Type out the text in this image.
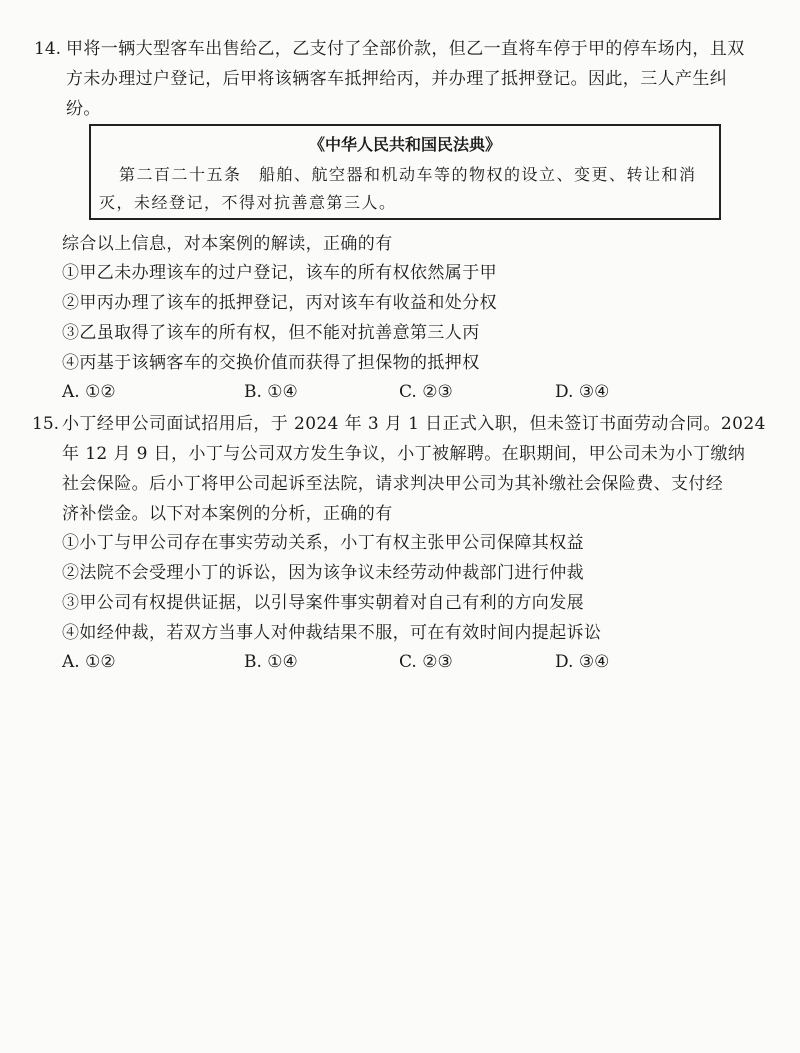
14. 甲将一辆大型客车出售给乙，乙支付了全部价款，但乙一直将车停于甲的停车场内，且双
方未办理过户登记，后甲将该辆客车抵押给丙，并办理了抵押登记。因此，三人产生纠
纷。
《中华人民共和国民法典》
第二百二十五条　船舶、航空器和机动车等的物权的设立、变更、转让和消
灭，未经登记，不得对抗善意第三人。
综合以上信息，对本案例的解读，正确的有
①甲乙未办理该车的过户登记，该车的所有权依然属于甲
②甲丙办理了该车的抵押登记，丙对该车有收益和处分权
③乙虽取得了该车的所有权，但不能对抗善意第三人丙
④丙基于该辆客车的交换价值而获得了担保物的抵押权
A. ①②	B. ①④	C. ②③	D. ③④
15. 小丁经甲公司面试招用后，于 2024 年 3 月 1 日正式入职，但未签订书面劳动合同。2024
年 12 月 9 日，小丁与公司双方发生争议，小丁被解聘。在职期间，甲公司未为小丁缴纳
社会保险。后小丁将甲公司起诉至法院，请求判决甲公司为其补缴社会保险费、支付经
济补偿金。以下对本案例的分析，正确的有
①小丁与甲公司存在事实劳动关系，小丁有权主张甲公司保障其权益
②法院不会受理小丁的诉讼，因为该争议未经劳动仲裁部门进行仲裁
③甲公司有权提供证据，以引导案件事实朝着对自己有利的方向发展
④如经仲裁，若双方当事人对仲裁结果不服，可在有效时间内提起诉讼
A. ①②	B. ①④	C. ②③	D. ③④
